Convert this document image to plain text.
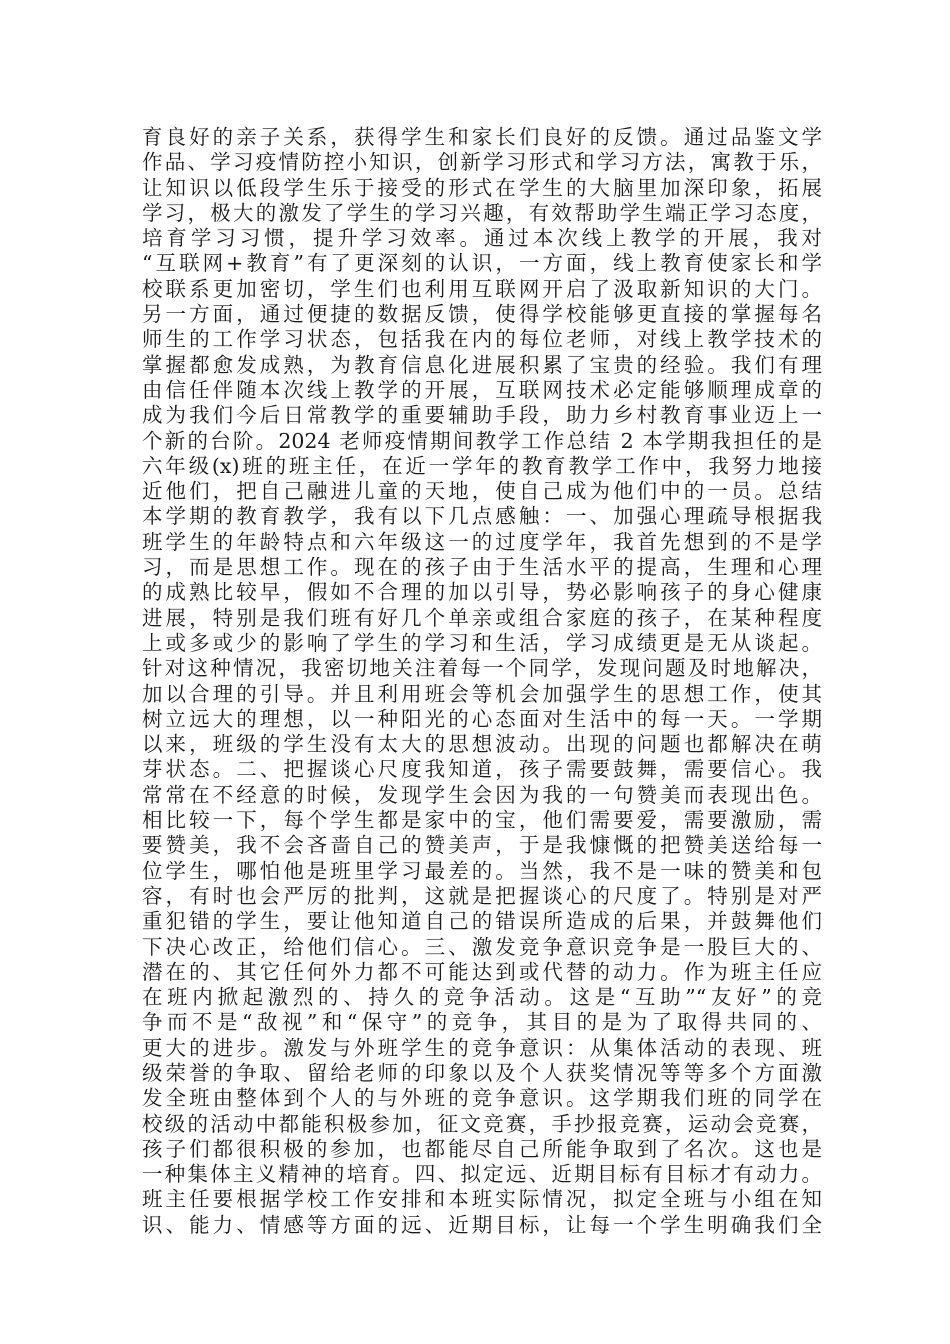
育良好的亲子关系，获得学生和家长们良好的反馈。通过品鉴文学
作品、学习疫情防控小知识，创新学习形式和学习方法，寓教于乐，
让知识以低段学生乐于接受的形式在学生的大脑里加深印象，拓展
学习，极大的激发了学生的学习兴趣，有效帮助学生端正学习态度，
培育学习习惯，提升学习效率。通过本次线上教学的开展，我对
“互联网+教育”有了更深刻的认识，一方面，线上教育使家长和学
校联系更加密切，学生们也利用互联网开启了汲取新知识的大门。
另一方面，通过便捷的数据反馈，使得学校能够更直接的掌握每名
师生的工作学习状态，包括我在内的每位老师，对线上教学技术的
掌握都愈发成熟，为教育信息化进展积累了宝贵的经验。我们有理
由信任伴随本次线上教学的开展，互联网技术必定能够顺理成章的
成为我们今后日常教学的重要辅助手段，助力乡村教育事业迈上一
个新的台阶。2024 老师疫情期间教学工作总结 2 本学期我担任的是
六年级(x)班的班主任，在近一学年的教育教学工作中，我努力地接
近他们，把自己融进儿童的天地，使自己成为他们中的一员。总结
本学期的教育教学，我有以下几点感触：一、加强心理疏导根据我
班学生的年龄特点和六年级这一的过度学年，我首先想到的不是学
习，而是思想工作。现在的孩子由于生活水平的提高，生理和心理
的成熟比较早，假如不合理的加以引导，势必影响孩子的身心健康
进展，特别是我们班有好几个单亲或组合家庭的孩子，在某种程度
上或多或少的影响了学生的学习和生活，学习成绩更是无从谈起。
针对这种情况，我密切地关注着每一个同学，发现问题及时地解决，
加以合理的引导。并且利用班会等机会加强学生的思想工作，使其
树立远大的理想，以一种阳光的心态面对生活中的每一天。一学期
以来，班级的学生没有太大的思想波动。出现的问题也都解决在萌
芽状态。二、把握谈心尺度我知道，孩子需要鼓舞，需要信心。我
常常在不经意的时候，发现学生会因为我的一句赞美而表现出色。
相比较一下，每个学生都是家中的宝，他们需要爱，需要激励，需
要赞美，我不会吝啬自己的赞美声，于是我慷慨的把赞美送给每一
位学生，哪怕他是班里学习最差的。当然，我不是一味的赞美和包
容，有时也会严厉的批判，这就是把握谈心的尺度了。特别是对严
重犯错的学生，要让他知道自己的错误所造成的后果，并鼓舞他们
下决心改正，给他们信心。三、激发竞争意识竞争是一股巨大的、
潜在的、其它任何外力都不可能达到或代替的动力。作为班主任应
在班内掀起激烈的、持久的竞争活动。这是“互助”“友好”的竞
争而不是“敌视”和“保守”的竞争，其目的是为了取得共同的、
更大的进步。激发与外班学生的竞争意识：从集体活动的表现、班
级荣誉的争取、留给老师的印象以及个人获奖情况等等多个方面激
发全班由整体到个人的与外班的竞争意识。这学期我们班的同学在
校级的活动中都能积极参加，征文竞赛，手抄报竞赛，运动会竞赛，
孩子们都很积极的参加，也都能尽自己所能争取到了名次。这也是
一种集体主义精神的培育。四、拟定远、近期目标有目标才有动力。
班主任要根据学校工作安排和本班实际情况，拟定全班与小组在知
识、能力、情感等方面的远、近期目标，让每一个学生明确我们全
